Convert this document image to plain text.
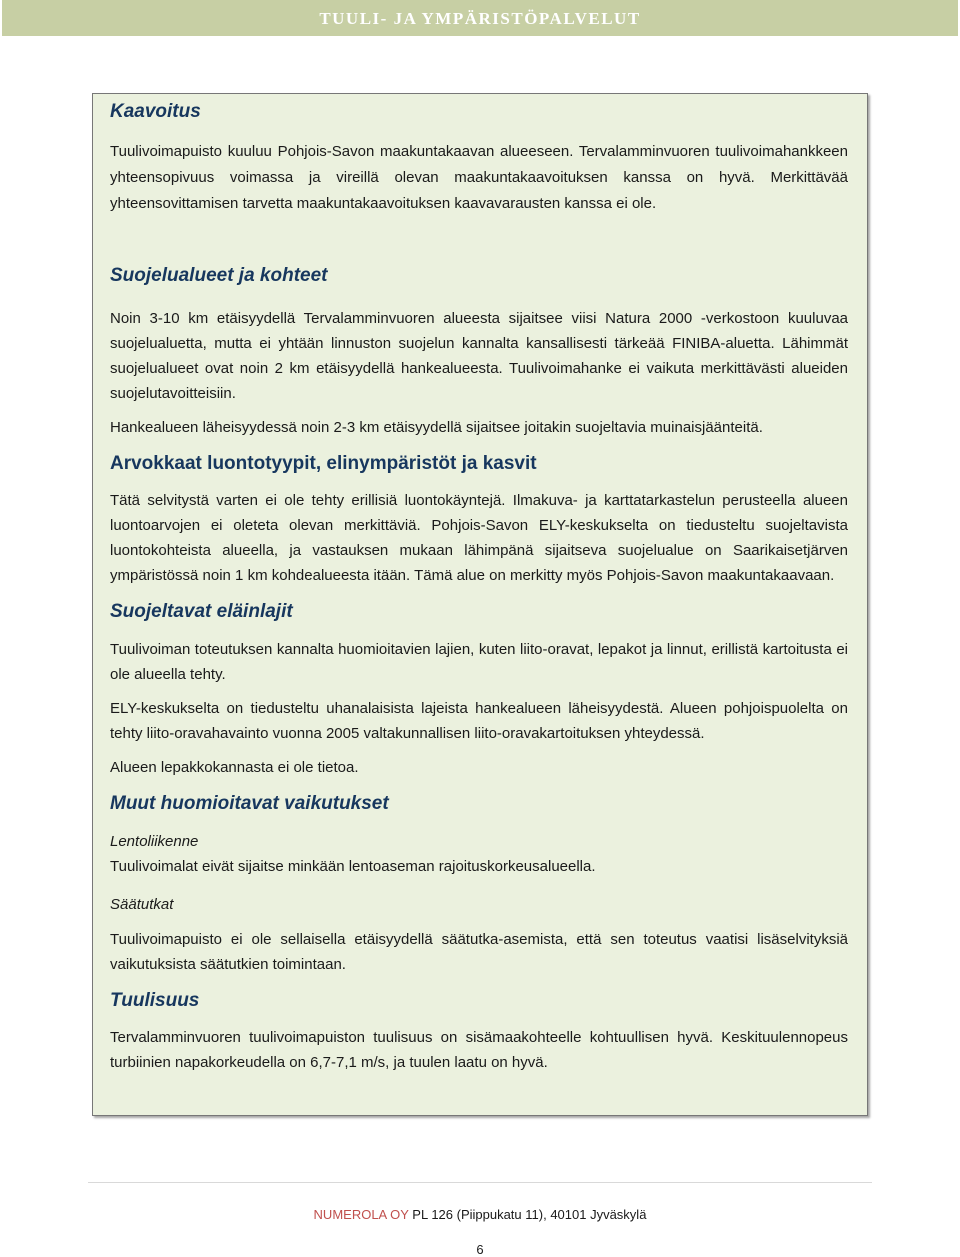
TUULI- JA YMPÄRISTÖPALVELUT
Kaavoitus

Tuulivoimapuisto kuuluu Pohjois-Savon maakuntakaavan alueeseen. Tervalamminvuoren tuulivoimahankkeen yhteensopivuus voimassa ja vireillä olevan maakuntakaavoituksen kanssa on hyvä. Merkittävää yhteensovittamisen tarvetta maakuntakaavoituksen kaavavarausten kanssa ei ole.

Suojelualueet ja kohteet

Noin 3-10 km etäisyydellä Tervalamminvuoren alueesta sijaitsee viisi Natura 2000 -verkostoon kuuluvaa suojelualuetta, mutta ei yhtään linnuston suojelun kannalta kansallisesti tärkeää FINIBA-aluetta. Lähimmät suojelualueet ovat noin 2 km etäisyydellä hankealueesta. Tuulivoimahanke ei vaikuta merkittävästi alueiden suojelutavoitteisiin.

Hankealueen läheisyydessä noin 2-3 km etäisyydellä sijaitsee joitakin suojeltavia muinaisjäänteitä.

Arvokkaat luontotyypit, elinympäristöt ja kasvit

Tätä selvitystä varten ei ole tehty erillisiä luontokäyntejä. Ilmakuva- ja karttatarkastelun perusteella alueen luontoarvojen ei oleteta olevan merkittäviä. Pohjois-Savon ELY-keskukselta on tiedusteltu suojeltavista luontokohteista alueella, ja vastauksen mukaan lähimpänä sijaitseva suojelualue on Saarikaisetjärven ympäristössä noin 1 km kohdealueesta itään. Tämä alue on merkitty myös Pohjois-Savon maakuntakaavaan.

Suojeltavat eläinlajit

Tuulivoiman toteutuksen kannalta huomioitavien lajien, kuten liito-oravat, lepakot ja linnut, erillistä kartoitusta ei ole alueella tehty.

ELY-keskukselta on tiedusteltu uhanalaisista lajeista hankealueen läheisyydestä. Alueen pohjoispuolelta on tehty liito-oravahavainto vuonna 2005 valtakunnallisen liito-oravakartoituksen yhteydessä.

Alueen lepakkokannasta ei ole tietoa.

Muut huomioitavat vaikutukset

Lentoliikenne

Tuulivoimalat eivät sijaitse minkään lentoaseman rajoituskorkeusalueella.

Säätutkat

Tuulivoimapuisto ei ole sellaisella etäisyydellä säätutka-asemista, että sen toteutus vaatisi lisäselvityksiä vaikutuksista säätutkien toimintaan.

Tuulisuus

Tervalamminvuoren tuulivoimapuiston tuulisuus on sisämaakohteelle kohtuullisen hyvä. Keskituulennopeus turbiinien napakorkeudella on 6,7-7,1 m/s, ja tuulen laatu on hyvä.

NUMEROLA OY PL 126 (Piippukatu 11), 40101 Jyväskylä
6
